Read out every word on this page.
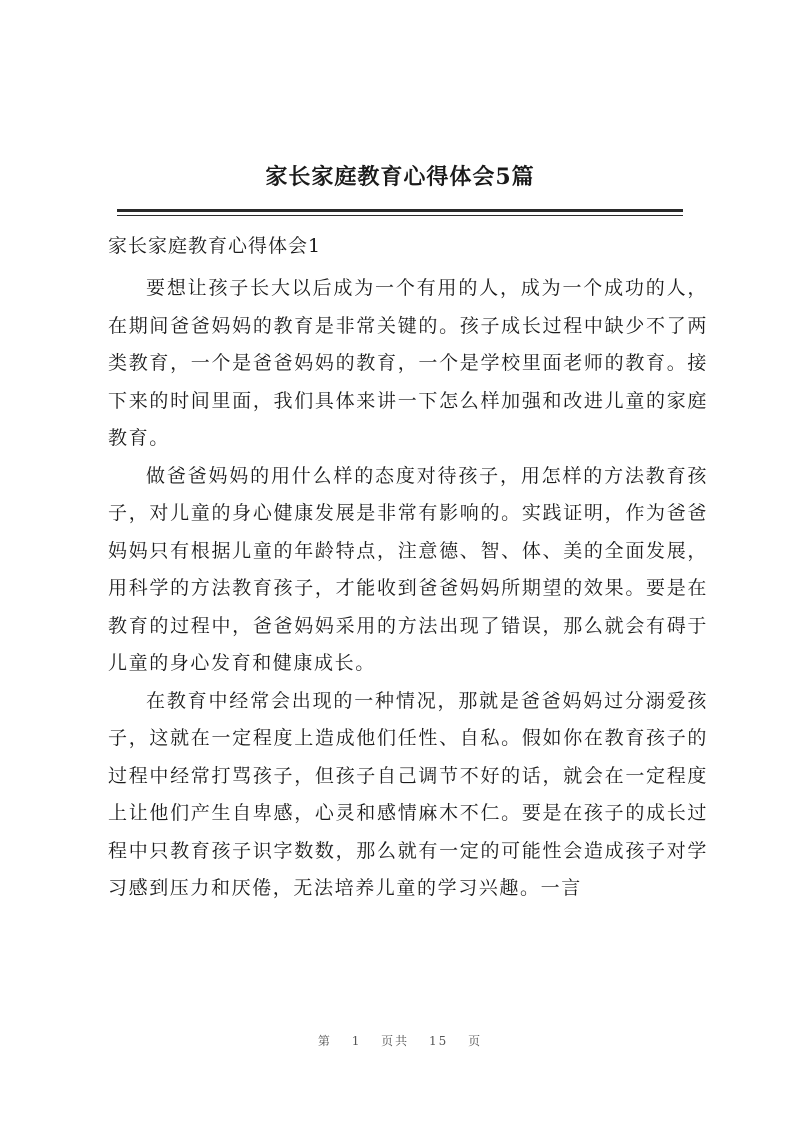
家长家庭教育心得体会5篇
家长家庭教育心得体会1

要想让孩子长大以后成为一个有用的人，成为一个成功的人，在期间爸爸妈妈的教育是非常关键的。孩子成长过程中缺少不了两类教育，一个是爸爸妈妈的教育，一个是学校里面老师的教育。接下来的时间里面，我们具体来讲一下怎么样加强和改进儿童的家庭教育。

做爸爸妈妈的用什么样的态度对待孩子，用怎样的方法教育孩子，对儿童的身心健康发展是非常有影响的。实践证明，作为爸爸妈妈只有根据儿童的年龄特点，注意德、智、体、美的全面发展，用科学的方法教育孩子，才能收到爸爸妈妈所期望的效果。要是在教育的过程中，爸爸妈妈采用的方法出现了错误，那么就会有碍于儿童的身心发育和健康成长。

在教育中经常会出现的一种情况，那就是爸爸妈妈过分溺爱孩子，这就在一定程度上造成他们任性、自私。假如你在教育孩子的过程中经常打骂孩子，但孩子自己调节不好的话，就会在一定程度上让他们产生自卑感，心灵和感情麻木不仁。要是在孩子的成长过程中只教育孩子识字数数，那么就有一定的可能性会造成孩子对学习感到压力和厌倦，无法培养儿童的学习兴趣。一言

第 1 页共 15 页
